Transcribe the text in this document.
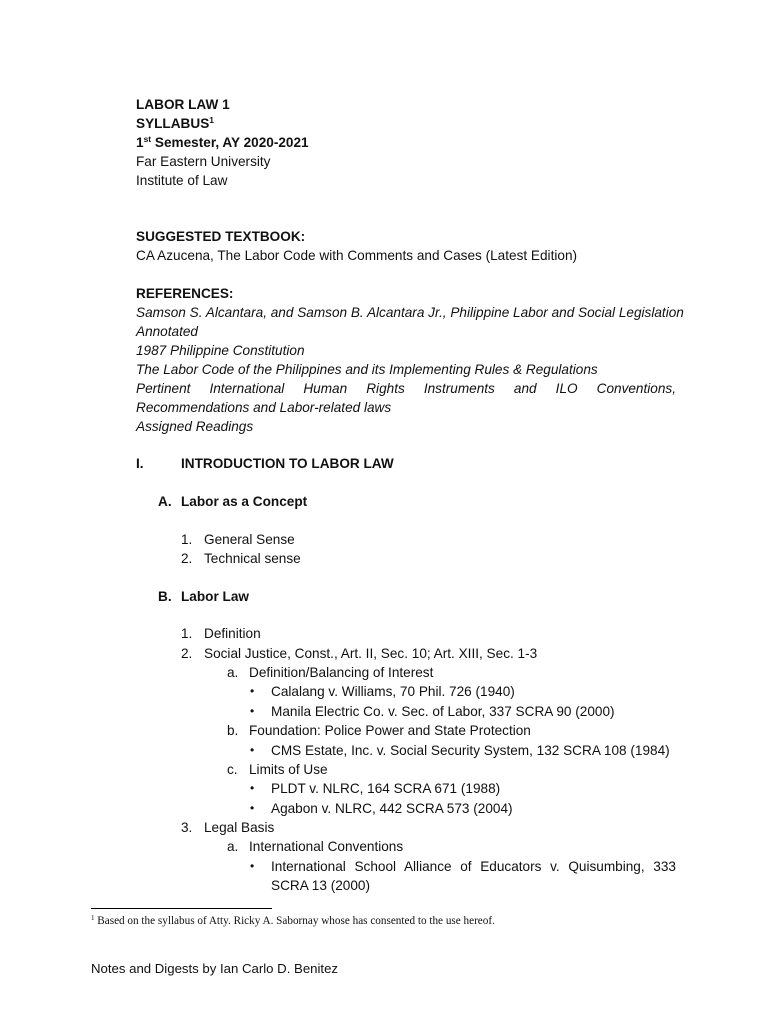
LABOR LAW 1
SYLLABUS$^1$
1st Semester, AY 2020-2021
Far Eastern University
Institute of Law
SUGGESTED TEXTBOOK:
CA Azucena, The Labor Code with Comments and Cases (Latest Edition)
REFERENCES:
Samson S. Alcantara, and Samson B. Alcantara Jr., Philippine Labor and Social Legislation
Annotated
1987 Philippine Constitution
The Labor Code of the Philippines and its Implementing Rules & Regulations
Pertinent International Human Rights Instruments and ILO Conventions,
Recommendations and Labor-related laws
Assigned Readings
I.	INTRODUCTION TO LABOR LAW
A. Labor as a Concept
1. General Sense
2. Technical sense
B. Labor Law
1. Definition
2. Social Justice, Const., Art. II, Sec. 10; Art. XIII, Sec. 1-3
a. Definition/Balancing of Interest
• Calalang v. Williams, 70 Phil. 726 (1940)
• Manila Electric Co. v. Sec. of Labor, 337 SCRA 90 (2000)
b. Foundation: Police Power and State Protection
• CMS Estate, Inc. v. Social Security System, 132 SCRA 108 (1984)
c. Limits of Use
• PLDT v. NLRC, 164 SCRA 671 (1988)
• Agabon v. NLRC, 442 SCRA 573 (2004)
3. Legal Basis
a. International Conventions
• International School Alliance of Educators v. Quisumbing, 333
SCRA 13 (2000)
$^1$ Based on the syllabus of Atty. Ricky A. Sabornay whose has consented to the use hereof.
Notes and Digests by Ian Carlo D. Benitez
